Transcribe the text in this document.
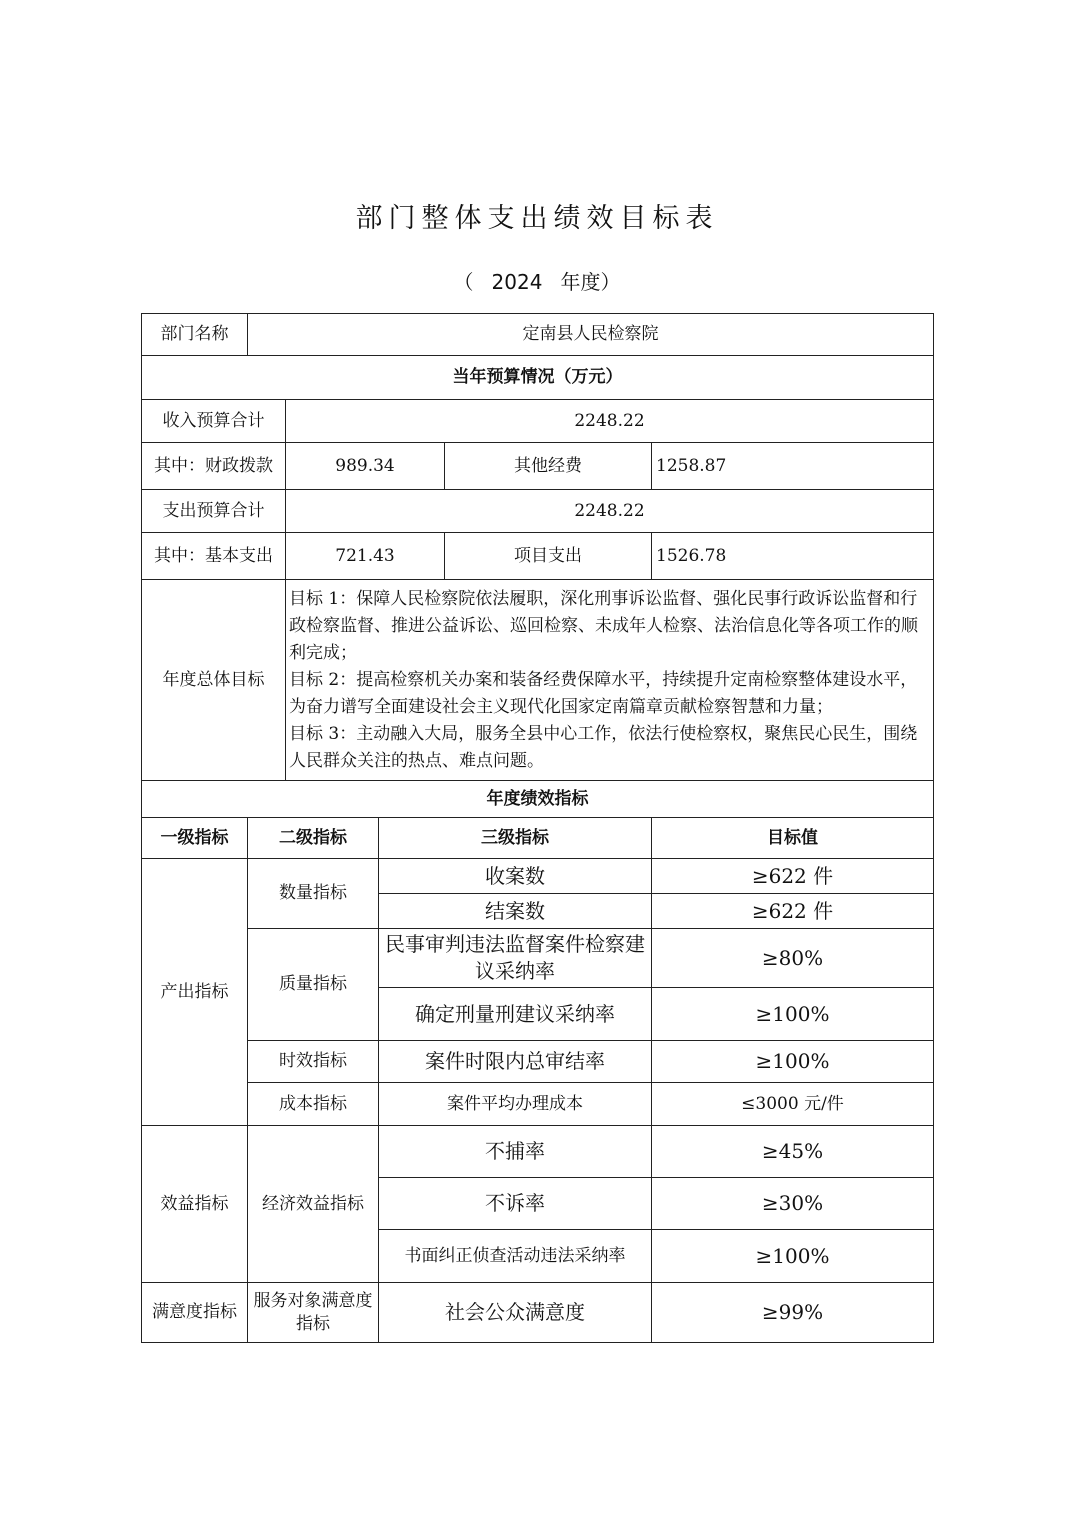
部门整体支出绩效目标表
（ 2024 年度）
部门名称	定南县人民检察院				
当年预算情况（万元）					
收入预算合计		2248.22			
其中：财政拨款		989.34		其他经费	1258.87
支出预算合计		2248.22			
其中：基本支出		721.43		项目支出	1526.78
年度总体目标		目标 1：保障人民检察院依法履职，深化刑事诉讼监督、强化民事行政诉讼监督和行政检察监督、推进公益诉讼、巡回检察、未成年人检察、法治信息化等各项工作的顺利完成；
目标 2：提高检察机关办案和装备经费保障水平，持续提升定南检察整体建设水平，为奋力谱写全面建设社会主义现代化国家定南篇章贡献检察智慧和力量；
目标 3：主动融入大局，服务全县中心工作，依法行使检察权，聚焦民心民生，围绕人民群众关注的热点、难点问题。			

年度绩效指标					
一级指标	二级指标		三级指标		目标值
产出指标	数量指标		收案数		≥622 件
			结案数		≥622 件
	质量指标		民事审判违法监督案件检察建议采纳率		≥80%
			确定刑量刑建议采纳率		≥100%
	时效指标		案件时限内总审结率		≥100%
	成本指标		案件平均办理成本		≤3000 元/件
效益指标	经济效益指标		不捕率		≥45%
			不诉率		≥30%
			书面纠正侦查活动违法采纳率		≥100%
满意度指标	服务对象满意度指标		社会公众满意度		≥99%
